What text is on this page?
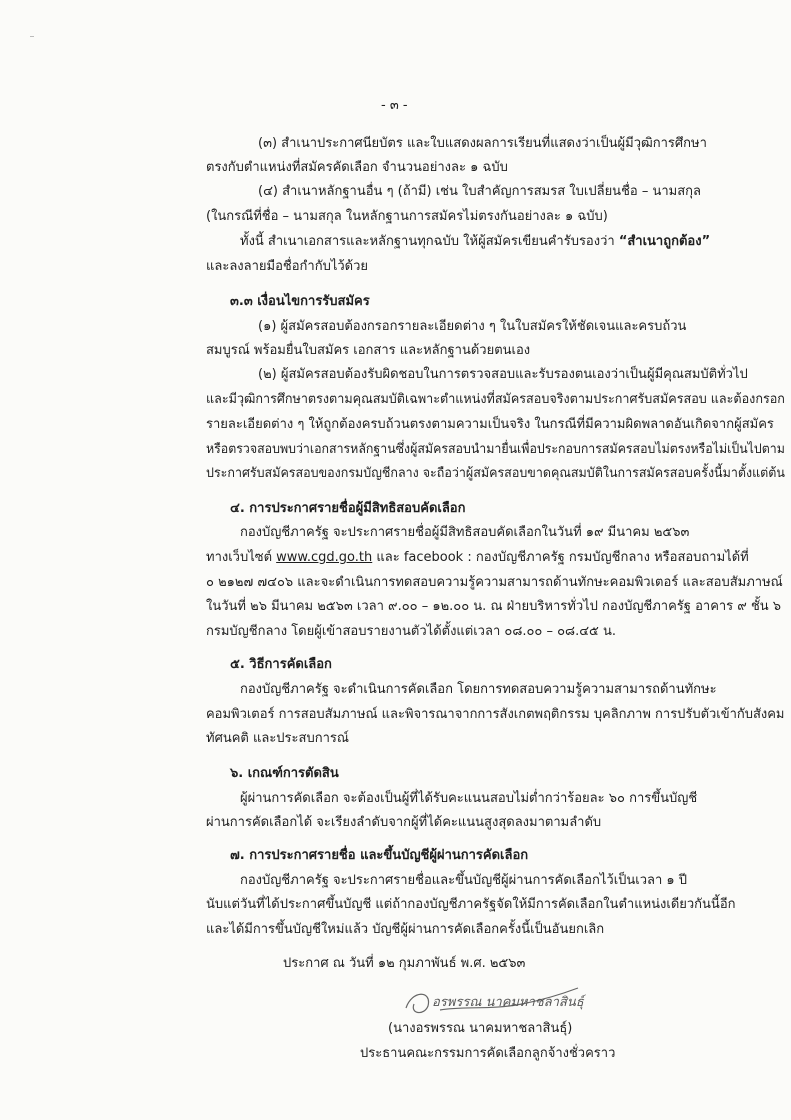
- ๓ -
(๓) สำเนาประกาศนียบัตร และใบแสดงผลการเรียนที่แสดงว่าเป็นผู้มีวุฒิการศึกษา
ตรงกับตำแหน่งที่สมัครคัดเลือก จำนวนอย่างละ ๑ ฉบับ
(๔) สำเนาหลักฐานอื่น ๆ (ถ้ามี) เช่น ใบสำคัญการสมรส ใบเปลี่ยนชื่อ – นามสกุล
(ในกรณีที่ชื่อ – นามสกุล ในหลักฐานการสมัครไม่ตรงกันอย่างละ ๑ ฉบับ)
ทั้งนี้ สำเนาเอกสารและหลักฐานทุกฉบับ ให้ผู้สมัครเขียนคำรับรองว่า “สำเนาถูกต้อง”
และลงลายมือชื่อกำกับไว้ด้วย
๓.๓ เงื่อนไขการรับสมัคร
(๑) ผู้สมัครสอบต้องกรอกรายละเอียดต่าง ๆ ในใบสมัครให้ชัดเจนและครบถ้วน
สมบูรณ์ พร้อมยื่นใบสมัคร เอกสาร และหลักฐานด้วยตนเอง
(๒) ผู้สมัครสอบต้องรับผิดชอบในการตรวจสอบและรับรองตนเองว่าเป็นผู้มีคุณสมบัติทั่วไป
และมีวุฒิการศึกษาตรงตามคุณสมบัติเฉพาะตำแหน่งที่สมัครสอบจริงตามประกาศรับสมัครสอบ และต้องกรอก
รายละเอียดต่าง ๆ ให้ถูกต้องครบถ้วนตรงตามความเป็นจริง ในกรณีที่มีความผิดพลาดอันเกิดจากผู้สมัคร
หรือตรวจสอบพบว่าเอกสารหลักฐานซึ่งผู้สมัครสอบนำมายื่นเพื่อประกอบการสมัครสอบไม่ตรงหรือไม่เป็นไปตาม
ประกาศรับสมัครสอบของกรมบัญชีกลาง จะถือว่าผู้สมัครสอบขาดคุณสมบัติในการสมัครสอบครั้งนี้มาตั้งแต่ต้น
๔. การประกาศรายชื่อผู้มีสิทธิสอบคัดเลือก
กองบัญชีภาครัฐ จะประกาศรายชื่อผู้มีสิทธิสอบคัดเลือกในวันที่ ๑๙ มีนาคม ๒๕๖๓
ทางเว็บไซต์ www.cgd.go.th และ facebook : กองบัญชีภาครัฐ กรมบัญชีกลาง หรือสอบถามได้ที่
๐ ๒๑๒๗ ๗๔๐๖ และจะดำเนินการทดสอบความรู้ความสามารถด้านทักษะคอมพิวเตอร์ และสอบสัมภาษณ์
ในวันที่ ๒๖ มีนาคม ๒๕๖๓ เวลา ๙.๐๐ – ๑๒.๐๐ น. ณ ฝ่ายบริหารทั่วไป กองบัญชีภาครัฐ อาคาร ๙ ชั้น ๖
กรมบัญชีกลาง โดยผู้เข้าสอบรายงานตัวได้ตั้งแต่เวลา ๐๘.๐๐ – ๐๘.๔๕ น.
๕. วิธีการคัดเลือก
กองบัญชีภาครัฐ จะดำเนินการคัดเลือก โดยการทดสอบความรู้ความสามารถด้านทักษะ
คอมพิวเตอร์ การสอบสัมภาษณ์ และพิจารณาจากการสังเกตพฤติกรรม บุคลิกภาพ การปรับตัวเข้ากับสังคม
ทัศนคติ และประสบการณ์
๖. เกณฑ์การตัดสิน
ผู้ผ่านการคัดเลือก จะต้องเป็นผู้ที่ได้รับคะแนนสอบไม่ต่ำกว่าร้อยละ ๖๐ การขึ้นบัญชี
ผ่านการคัดเลือกได้ จะเรียงลำดับจากผู้ที่ได้คะแนนสูงสุดลงมาตามลำดับ
๗. การประกาศรายชื่อ และขึ้นบัญชีผู้ผ่านการคัดเลือก
กองบัญชีภาครัฐ จะประกาศรายชื่อและขึ้นบัญชีผู้ผ่านการคัดเลือกไว้เป็นเวลา ๑ ปี
นับแต่วันที่ได้ประกาศขึ้นบัญชี แต่ถ้ากองบัญชีภาครัฐจัดให้มีการคัดเลือกในตำแหน่งเดียวกันนี้อีก
และได้มีการขึ้นบัญชีใหม่แล้ว บัญชีผู้ผ่านการคัดเลือกครั้งนี้เป็นอันยกเลิก
ประกาศ ณ วันที่ ๑๒ กุมภาพันธ์ พ.ศ. ๒๕๖๓
อรพรรณ นาคมหาชลาสินธุ์
(นางอรพรรณ นาคมหาชลาสินธุ์)
ประธานคณะกรรมการคัดเลือกลูกจ้างชั่วคราว
